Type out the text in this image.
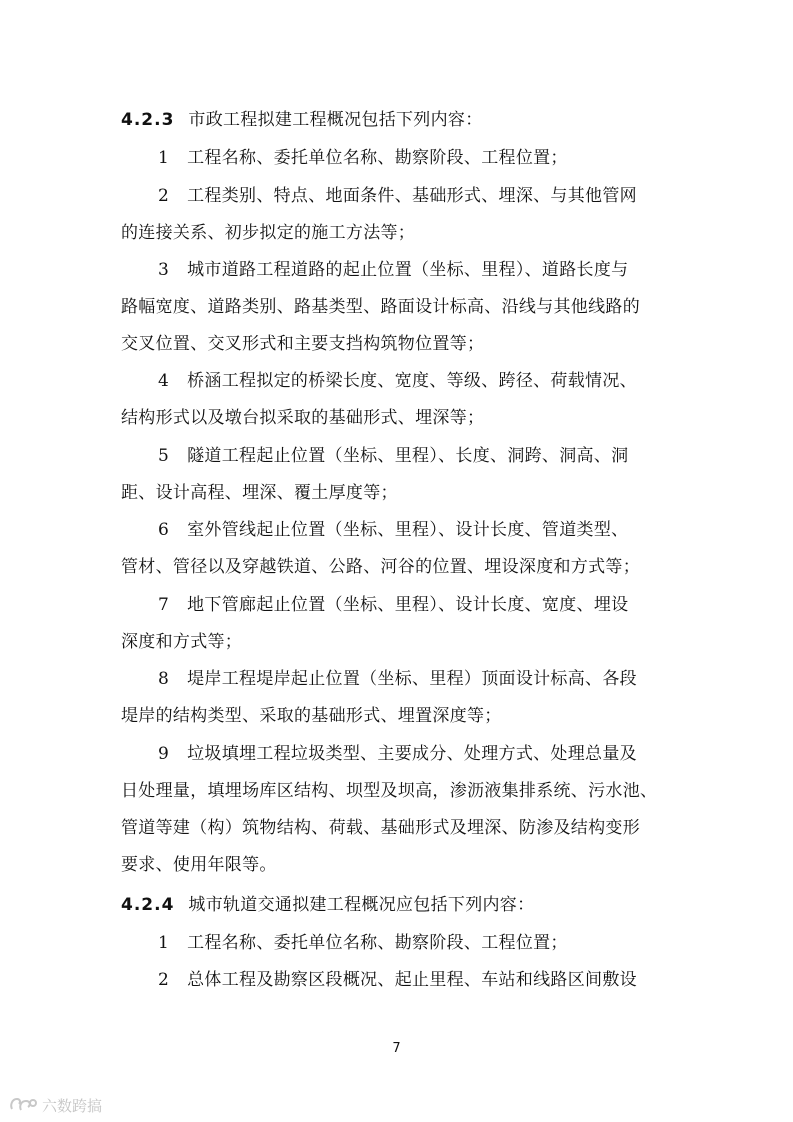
4.2.3 市政工程拟建工程概况包括下列内容：
1 工程名称、委托单位名称、勘察阶段、工程位置；
2 工程类别、特点、地面条件、基础形式、埋深、与其他管网
的连接关系、初步拟定的施工方法等；
3 城市道路工程道路的起止位置（坐标、里程）、道路长度与
路幅宽度、道路类别、路基类型、路面设计标高、沿线与其他线路的
交叉位置、交叉形式和主要支挡构筑物位置等；
4 桥涵工程拟定的桥梁长度、宽度、等级、跨径、荷载情况、
结构形式以及墩台拟采取的基础形式、埋深等；
5 隧道工程起止位置（坐标、里程）、长度、洞跨、洞高、洞
距、设计高程、埋深、覆土厚度等；
6 室外管线起止位置（坐标、里程）、设计长度、管道类型、
管材、管径以及穿越铁道、公路、河谷的位置、埋设深度和方式等；
7 地下管廊起止位置（坐标、里程）、设计长度、宽度、埋设
深度和方式等；
8 堤岸工程堤岸起止位置（坐标、里程）顶面设计标高、各段
堤岸的结构类型、采取的基础形式、埋置深度等；
9 垃圾填埋工程垃圾类型、主要成分、处理方式、处理总量及
日处理量，填埋场库区结构、坝型及坝高，渗沥液集排系统、污水池、
管道等建（构）筑物结构、荷载、基础形式及埋深、防渗及结构变形
要求、使用年限等。
4.2.4 城市轨道交通拟建工程概况应包括下列内容：
1 工程名称、委托单位名称、勘察阶段、工程位置；
2 总体工程及勘察区段概况、起止里程、车站和线路区间敷设
7
六数跨搞
